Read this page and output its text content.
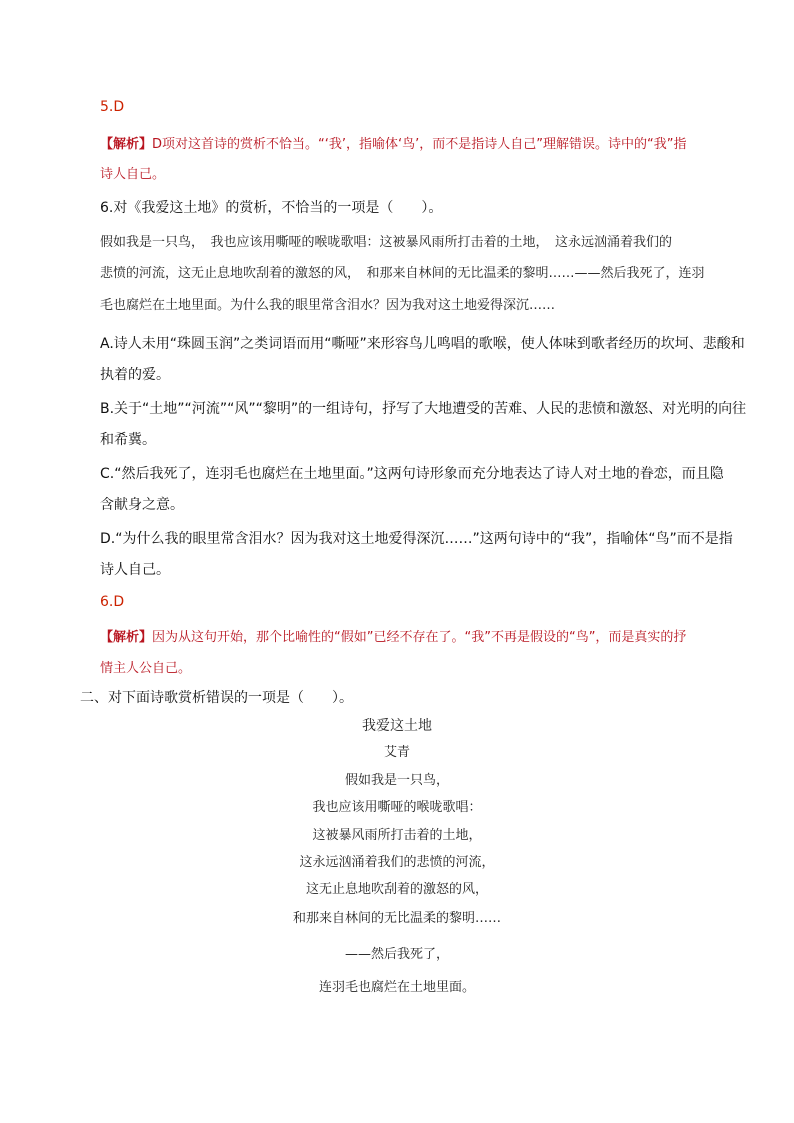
5.D
【解析】D项对这首诗的赏析不恰当。“‘我’，指喻体‘鸟’，而不是指诗人自己”理解错误。诗中的“我”指
诗人自己。
6.对《我爱这土地》的赏析，不恰当的一项是（　　）。
假如我是一只鸟，　我也应该用嘶哑的喉咙歌唱：这被暴风雨所打击着的土地，　这永远汹涌着我们的
悲愤的河流，这无止息地吹刮着的激怒的风，　和那来自林间的无比温柔的黎明……——然后我死了，连羽
毛也腐烂在土地里面。为什么我的眼里常含泪水？因为我对这土地爱得深沉……
A.诗人未用“珠圆玉润”之类词语而用“嘶哑”来形容鸟儿鸣唱的歌喉，使人体味到歌者经历的坎坷、悲酸和
执着的爱。
B.关于“土地”“河流”“风”“黎明”的一组诗句，抒写了大地遭受的苦难、人民的悲愤和激怒、对光明的向往
和希冀。
C.“然后我死了，连羽毛也腐烂在土地里面。”这两句诗形象而充分地表达了诗人对土地的眷恋，而且隐
含献身之意。
D.“为什么我的眼里常含泪水？因为我对这土地爱得深沉……”这两句诗中的“我”，指喻体“鸟”而不是指
诗人自己。
6.D
【解析】因为从这句开始，那个比喻性的“假如”已经不存在了。“我”不再是假设的“鸟”，而是真实的抒
情主人公自己。
二、对下面诗歌赏析错误的一项是（　　）。
我爱这土地
艾青
假如我是一只鸟，
我也应该用嘶哑的喉咙歌唱：
这被暴风雨所打击着的土地，
这永远汹涌着我们的悲愤的河流，
这无止息地吹刮着的激怒的风，
和那来自林间的无比温柔的黎明……
——然后我死了，
连羽毛也腐烂在土地里面。
